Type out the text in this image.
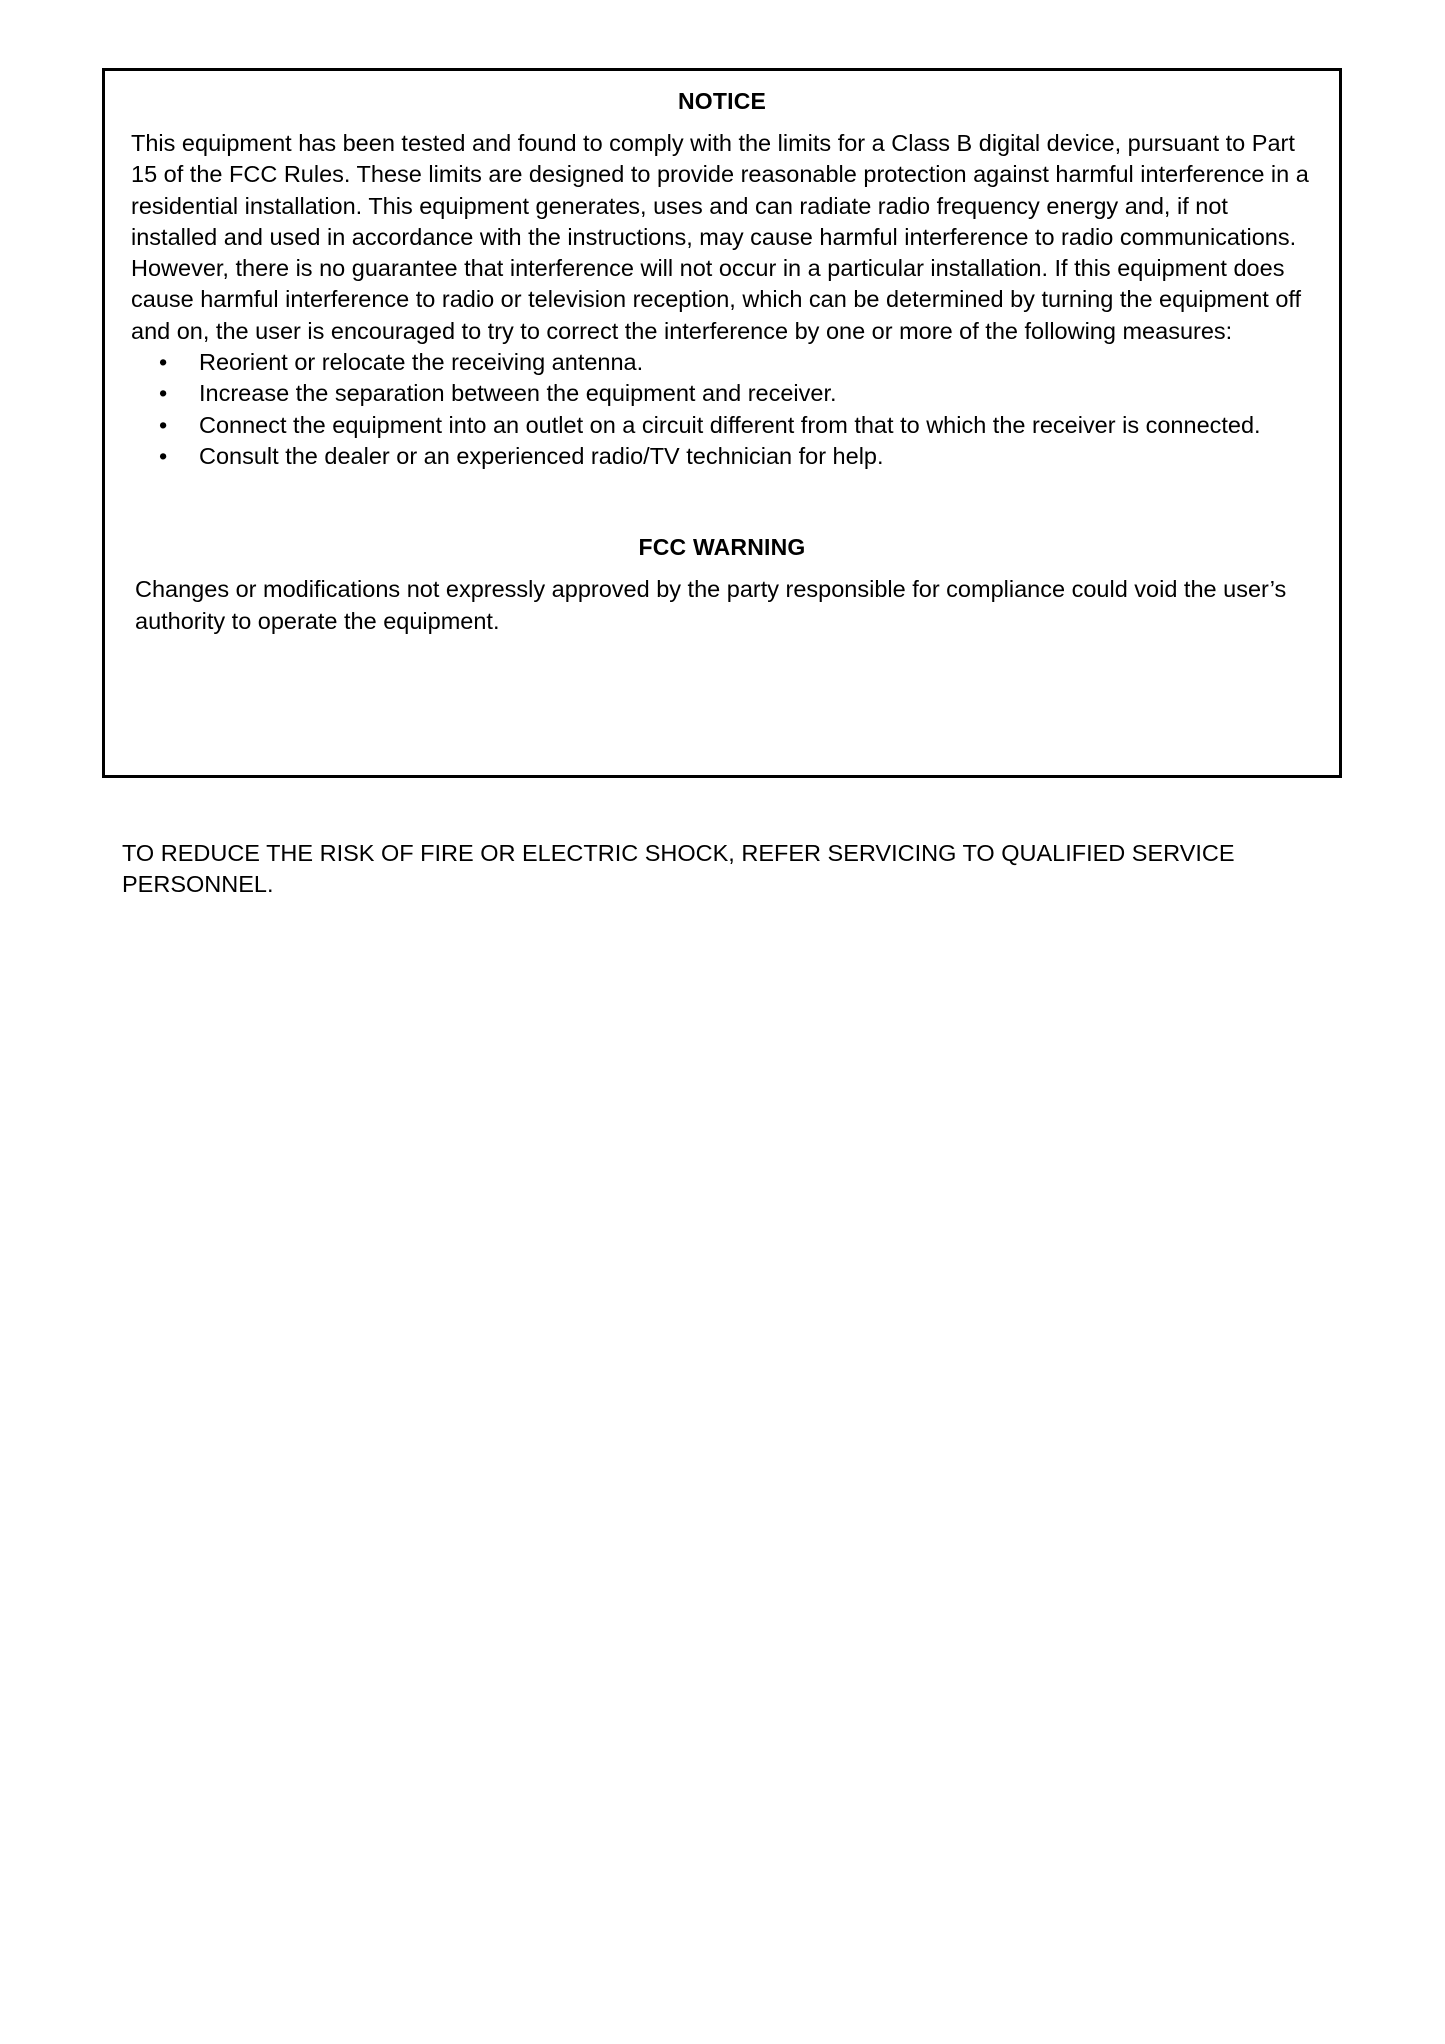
NOTICE

This equipment has been tested and found to comply with the limits for a Class B digital device, pursuant to Part 15 of the FCC Rules. These limits are designed to provide reasonable protection against harmful interference in a residential installation. This equipment generates, uses and can radiate radio frequency energy and, if not installed and used in accordance with the instructions, may cause harmful interference to radio communications. However, there is no guarantee that interference will not occur in a particular installation. If this equipment does cause harmful interference to radio or television reception, which can be determined by turning the equipment off and on, the user is encouraged to try to correct the interference by one or more of the following measures:

• Reorient or relocate the receiving antenna.
• Increase the separation between the equipment and receiver.
• Connect the equipment into an outlet on a circuit different from that to which the receiver is connected.
• Consult the dealer or an experienced radio/TV technician for help.
FCC WARNING

Changes or modifications not expressly approved by the party responsible for compliance could void the user’s authority to operate the equipment.

TO REDUCE THE RISK OF FIRE OR ELECTRIC SHOCK, REFER SERVICING TO QUALIFIED SERVICE PERSONNEL.
